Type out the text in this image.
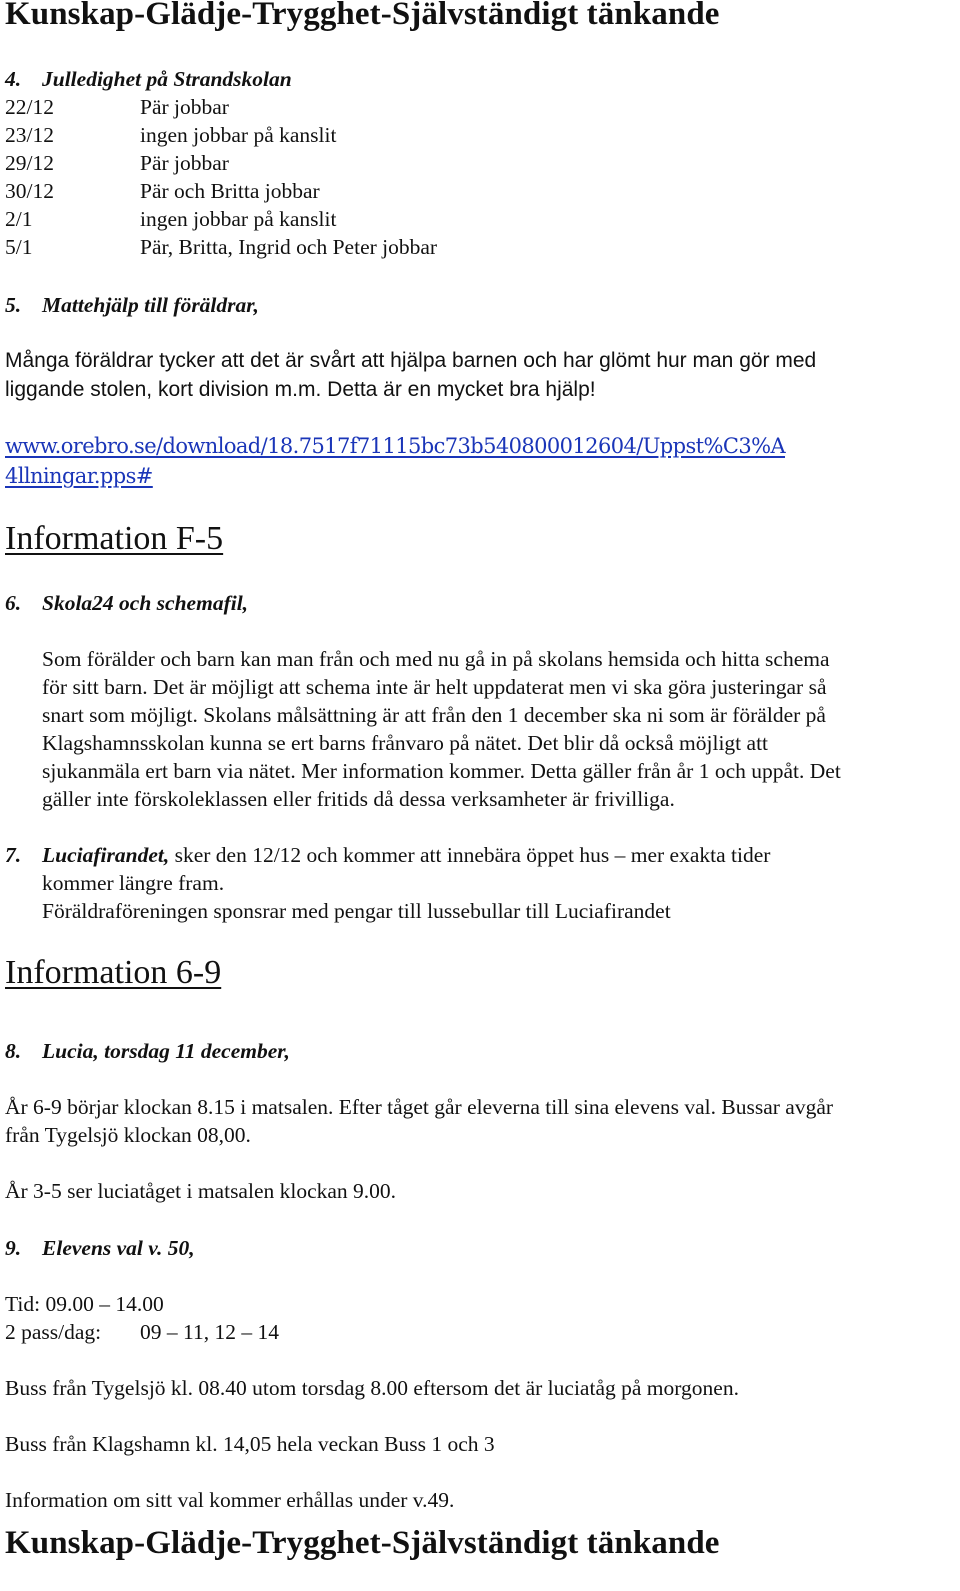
Kunskap-Glädje-Trygghet-Självständigt tänkande
4. Julledighet på Strandskolan
22/12	Pär jobbar
23/12	ingen jobbar på kanslit
29/12	Pär jobbar
30/12	Pär och Britta jobbar
2/1	ingen jobbar på kanslit
5/1	Pär, Britta, Ingrid och Peter jobbar
5. Mattehjälp till föräldrar,
Många föräldrar tycker att det är svårt att hjälpa barnen och har glömt hur man gör med
liggande stolen, kort division m.m. Detta är en mycket bra hjälp!
www.orebro.se/download/18.7517f71115bc73b540800012604/Uppst%C3%A
4llningar.pps#
Information F-5
6. Skola24 och schemafil,
Som förälder och barn kan man från och med nu gå in på skolans hemsida och hitta schema
för sitt barn. Det är möjligt att schema inte är helt uppdaterat men vi ska göra justeringar så
snart som möjligt. Skolans målsättning är att från den 1 december ska ni som är förälder på
Klagshamnsskolan kunna se ert barns frånvaro på nätet. Det blir då också möjligt att
sjukanmäla ert barn via nätet. Mer information kommer. Detta gäller från år 1 och uppåt. Det
gäller inte förskoleklassen eller fritids då dessa verksamheter är frivilliga.
7. Luciafirandet, sker den 12/12 och kommer att innebära öppet hus – mer exakta tider
kommer längre fram.
Föräldraföreningen sponsrar med pengar till lussebullar till Luciafirandet
Information 6-9
8. Lucia, torsdag 11 december,
År 6-9 börjar klockan 8.15 i matsalen. Efter tåget går eleverna till sina elevens val. Bussar avgår
från Tygelsjö klockan 08,00.
År 3-5 ser luciatåget i matsalen klockan 9.00.
9. Elevens val v. 50,
Tid: 09.00 – 14.00
2 pass/dag: 09 – 11, 12 – 14
Buss från Tygelsjö kl. 08.40 utom torsdag 8.00 eftersom det är luciatåg på morgonen.
Buss från Klagshamn kl. 14,05 hela veckan Buss 1 och 3
Information om sitt val kommer erhållas under v.49.
Kunskap-Glädje-Trygghet-Självständigt tänkande
